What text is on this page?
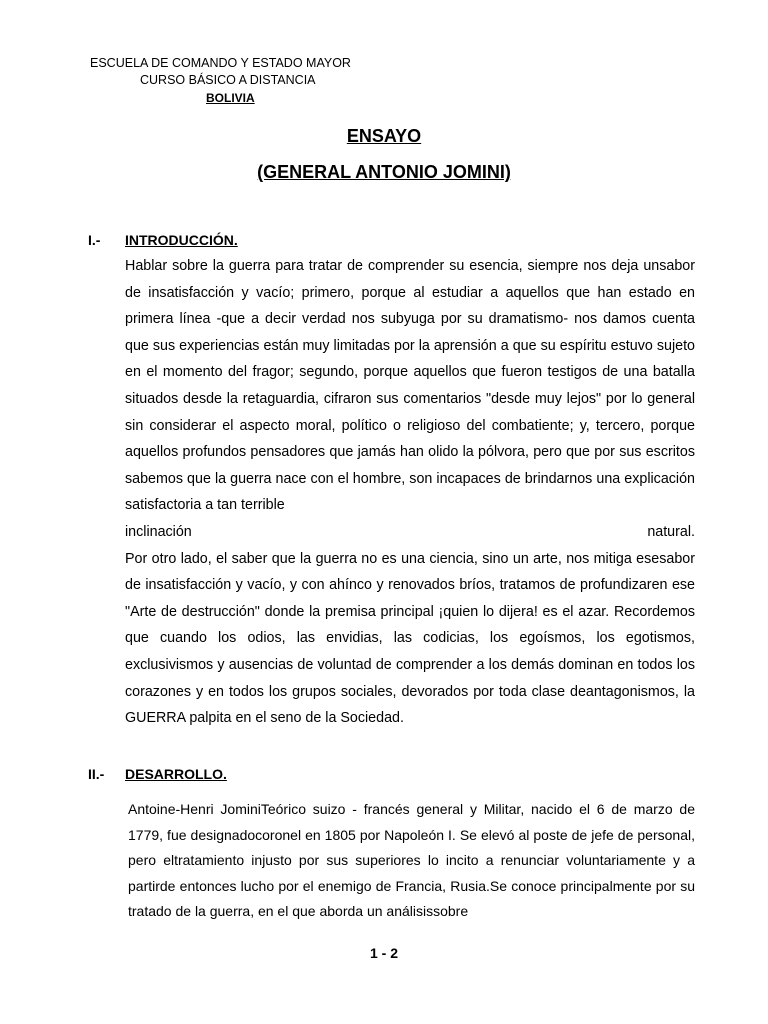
ESCUELA DE COMANDO Y ESTADO MAYOR
CURSO BÁSICO A DISTANCIA
BOLIVIA
ENSAYO
(GENERAL ANTONIO JOMINI)
I.- INTRODUCCIÓN.

Hablar sobre la guerra para tratar de comprender su esencia, siempre nos deja unsabor de insatisfacción y vacío; primero, porque al estudiar a aquellos que han estado en primera línea -que a decir verdad nos subyuga por su dramatismo- nos damos cuenta que sus experiencias están muy limitadas por la aprensión a que su espíritu estuvo sujeto en el momento del fragor; segundo, porque aquellos que fueron testigos de una batalla situados desde la retaguardia, cifraron sus comentarios "desde muy lejos" por lo general sin considerar el aspecto moral, político o religioso del combatiente; y, tercero, porque aquellos profundos pensadores que jamás han olido la pólvora, pero que por sus escritos sabemos que la guerra nace con el hombre, son incapaces de brindarnos una explicación satisfactoria a tan terrible

inclinación	natural.

Por otro lado, el saber que la guerra no es una ciencia, sino un arte, nos mitiga esesabor de insatisfacción y vacío, y con ahínco y renovados bríos, tratamos de profundizaren ese "Arte de destrucción" donde la premisa principal ¡quien lo dijera! es el azar. Recordemos que cuando los odios, las envidias, las codicias, los egoísmos, los egotismos, exclusivismos y ausencias de voluntad de comprender a los demás dominan en todos los corazones y en todos los grupos sociales, devorados por toda clase deantagonismos, la GUERRA palpita en el seno de la Sociedad.

II.- DESARROLLO.

Antoine-Henri JominiTeórico suizo - francés general y Militar, nacido el 6 de marzo de 1779, fue designadocoronel en 1805 por Napoleón I. Se elevó al poste de jefe de personal, pero eltratamiento injusto por sus superiores lo incito a renunciar voluntariamente y a partirde entonces lucho por el enemigo de Francia, Rusia.Se conoce principalmente por su tratado de la guerra, en el que aborda un análisissobre

1 - 2
